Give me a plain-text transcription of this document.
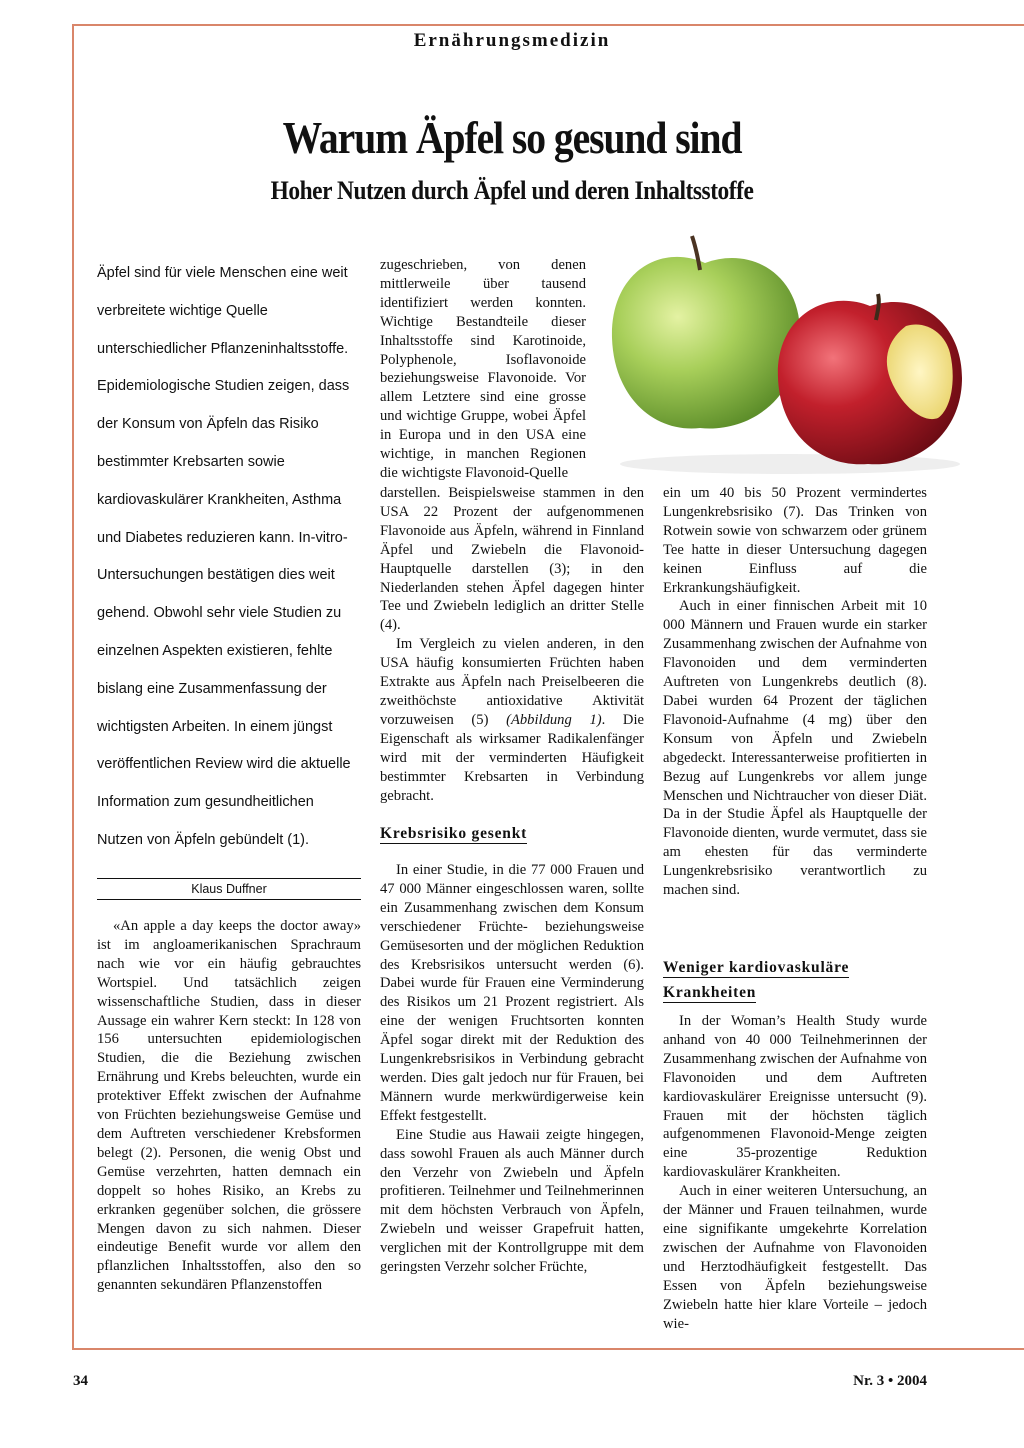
Ernährungsmedizin
Warum Äpfel so gesund sind
Hoher Nutzen durch Äpfel und deren Inhaltsstoffe

Äpfel sind für viele Menschen eine weit verbreitete wichtige Quelle unterschiedlicher Pflanzeninhaltsstoffe. Epidemiologische Studien zeigen, dass der Konsum von Äpfeln das Risiko bestimmter Krebsarten sowie kardiovaskulärer Krankheiten, Asthma und Diabetes reduzieren kann. In-vitro-Untersuchungen bestätigen dies weit gehend. Obwohl sehr viele Studien zu einzelnen Aspekten existieren, fehlte bislang eine Zusammenfassung der wichtigsten Arbeiten. In einem jüngst veröffentlichen Review wird die aktuelle Information zum gesundheitlichen Nutzen von Äpfeln gebündelt (1).

Klaus Duffner

«An apple a day keeps the doctor away» ist im angloamerikanischen Sprachraum nach wie vor ein häufig gebrauchtes Wortspiel. Und tatsächlich zeigen wissenschaftliche Studien, dass in dieser Aussage ein wahrer Kern steckt: In 128 von 156 untersuchten epidemiologischen Studien, die die Beziehung zwischen Ernährung und Krebs beleuchten, wurde ein protektiver Effekt zwischen der Aufnahme von Früchten beziehungsweise Gemüse und dem Auftreten verschiedener Krebsformen belegt (2). Personen, die wenig Obst und Gemüse verzehrten, hatten demnach ein doppelt so hohes Risiko, an Krebs zu erkranken gegenüber solchen, die grössere Mengen davon zu sich nahmen. Dieser eindeutige Benefit wurde vor allem den pflanzlichen Inhaltsstoffen, also den so genannten sekundären Pflanzenstoffen

zugeschrieben, von denen mittlerweile über tausend identifiziert werden konnten. Wichtige Bestandteile dieser Inhaltsstoffe sind Karotinoide, Polyphenole, Isoflavonoide beziehungsweise Flavonoide. Vor allem Letztere sind eine grosse und wichtige Gruppe, wobei Äpfel in Europa und in den USA eine wichtige, in manchen Regionen die wichtigste Flavonoid-Quelle

darstellen. Beispielsweise stammen in den USA 22 Prozent der aufgenommenen Flavonoide aus Äpfeln, während in Finnland Äpfel und Zwiebeln die Flavonoid-Hauptquelle darstellen (3); in den Niederlanden stehen Äpfel dagegen hinter Tee und Zwiebeln lediglich an dritter Stelle (4).

Im Vergleich zu vielen anderen, in den USA häufig konsumierten Früchten haben Extrakte aus Äpfeln nach Preiselbeeren die zweithöchste antioxidative Aktivität vorzuweisen (5) (Abbildung 1). Die Eigenschaft als wirksamer Radikalenfänger wird mit der verminderten Häufigkeit bestimmter Krebsarten in Verbindung gebracht.

Krebsrisiko gesenkt

In einer Studie, in die 77 000 Frauen und 47 000 Männer eingeschlossen waren, sollte ein Zusammenhang zwischen dem Konsum verschiedener Früchte- beziehungsweise Gemüsesorten und der möglichen Reduktion des Krebsrisikos untersucht werden (6). Dabei wurde für Frauen eine Verminderung des Risikos um 21 Prozent registriert. Als eine der wenigen Fruchtsorten konnten Äpfel sogar direkt mit der Reduktion des Lungenkrebsrisikos in Verbindung gebracht werden. Dies galt jedoch nur für Frauen, bei Männern wurde merkwürdigerweise kein Effekt festgestellt.

Eine Studie aus Hawaii zeigte hingegen, dass sowohl Frauen als auch Männer durch den Verzehr von Zwiebeln und Äpfeln profitieren. Teilnehmer und Teilnehmerinnen mit dem höchsten Verbrauch von Äpfeln, Zwiebeln und weisser Grapefruit hatten, verglichen mit der Kontrollgruppe mit dem geringsten Verzehr solcher Früchte,

ein um 40 bis 50 Prozent vermindertes Lungenkrebsrisiko (7). Das Trinken von Rotwein sowie von schwarzem oder grünem Tee hatte in dieser Untersuchung dagegen keinen Einfluss auf die Erkrankungshäufigkeit.

Auch in einer finnischen Arbeit mit 10 000 Männern und Frauen wurde ein starker Zusammenhang zwischen der Aufnahme von Flavonoiden und dem verminderten Auftreten von Lungenkrebs deutlich (8). Dabei wurden 64 Prozent der täglichen Flavonoid-Aufnahme (4 mg) über den Konsum von Äpfeln und Zwiebeln abgedeckt. Interessanterweise profitierten in Bezug auf Lungenkrebs vor allem junge Menschen und Nichtraucher von dieser Diät. Da in der Studie Äpfel als Hauptquelle der Flavonoide dienten, wurde vermutet, dass sie am ehesten für das verminderte Lungenkrebsrisiko verantwortlich zu machen sind.

Weniger kardiovaskuläre
Krankheiten

In der Woman’s Health Study wurde anhand von 40 000 Teilnehmerinnen der Zusammenhang zwischen der Aufnahme von Flavonoiden und dem Auftreten kardiovaskulärer Ereignisse untersucht (9). Frauen mit der höchsten täglich aufgenommenen Flavonoid-Menge zeigten eine 35-prozentige Reduktion kardiovaskulärer Krankheiten.

Auch in einer weiteren Untersuchung, an der Männer und Frauen teilnahmen, wurde eine signifikante umgekehrte Korrelation zwischen der Aufnahme von Flavonoiden und Herztodhäufigkeit festgestellt. Das Essen von Äpfeln beziehungsweise Zwiebeln hatte hier klare Vorteile – jedoch wie-

34	Nr. 3 • 2004
